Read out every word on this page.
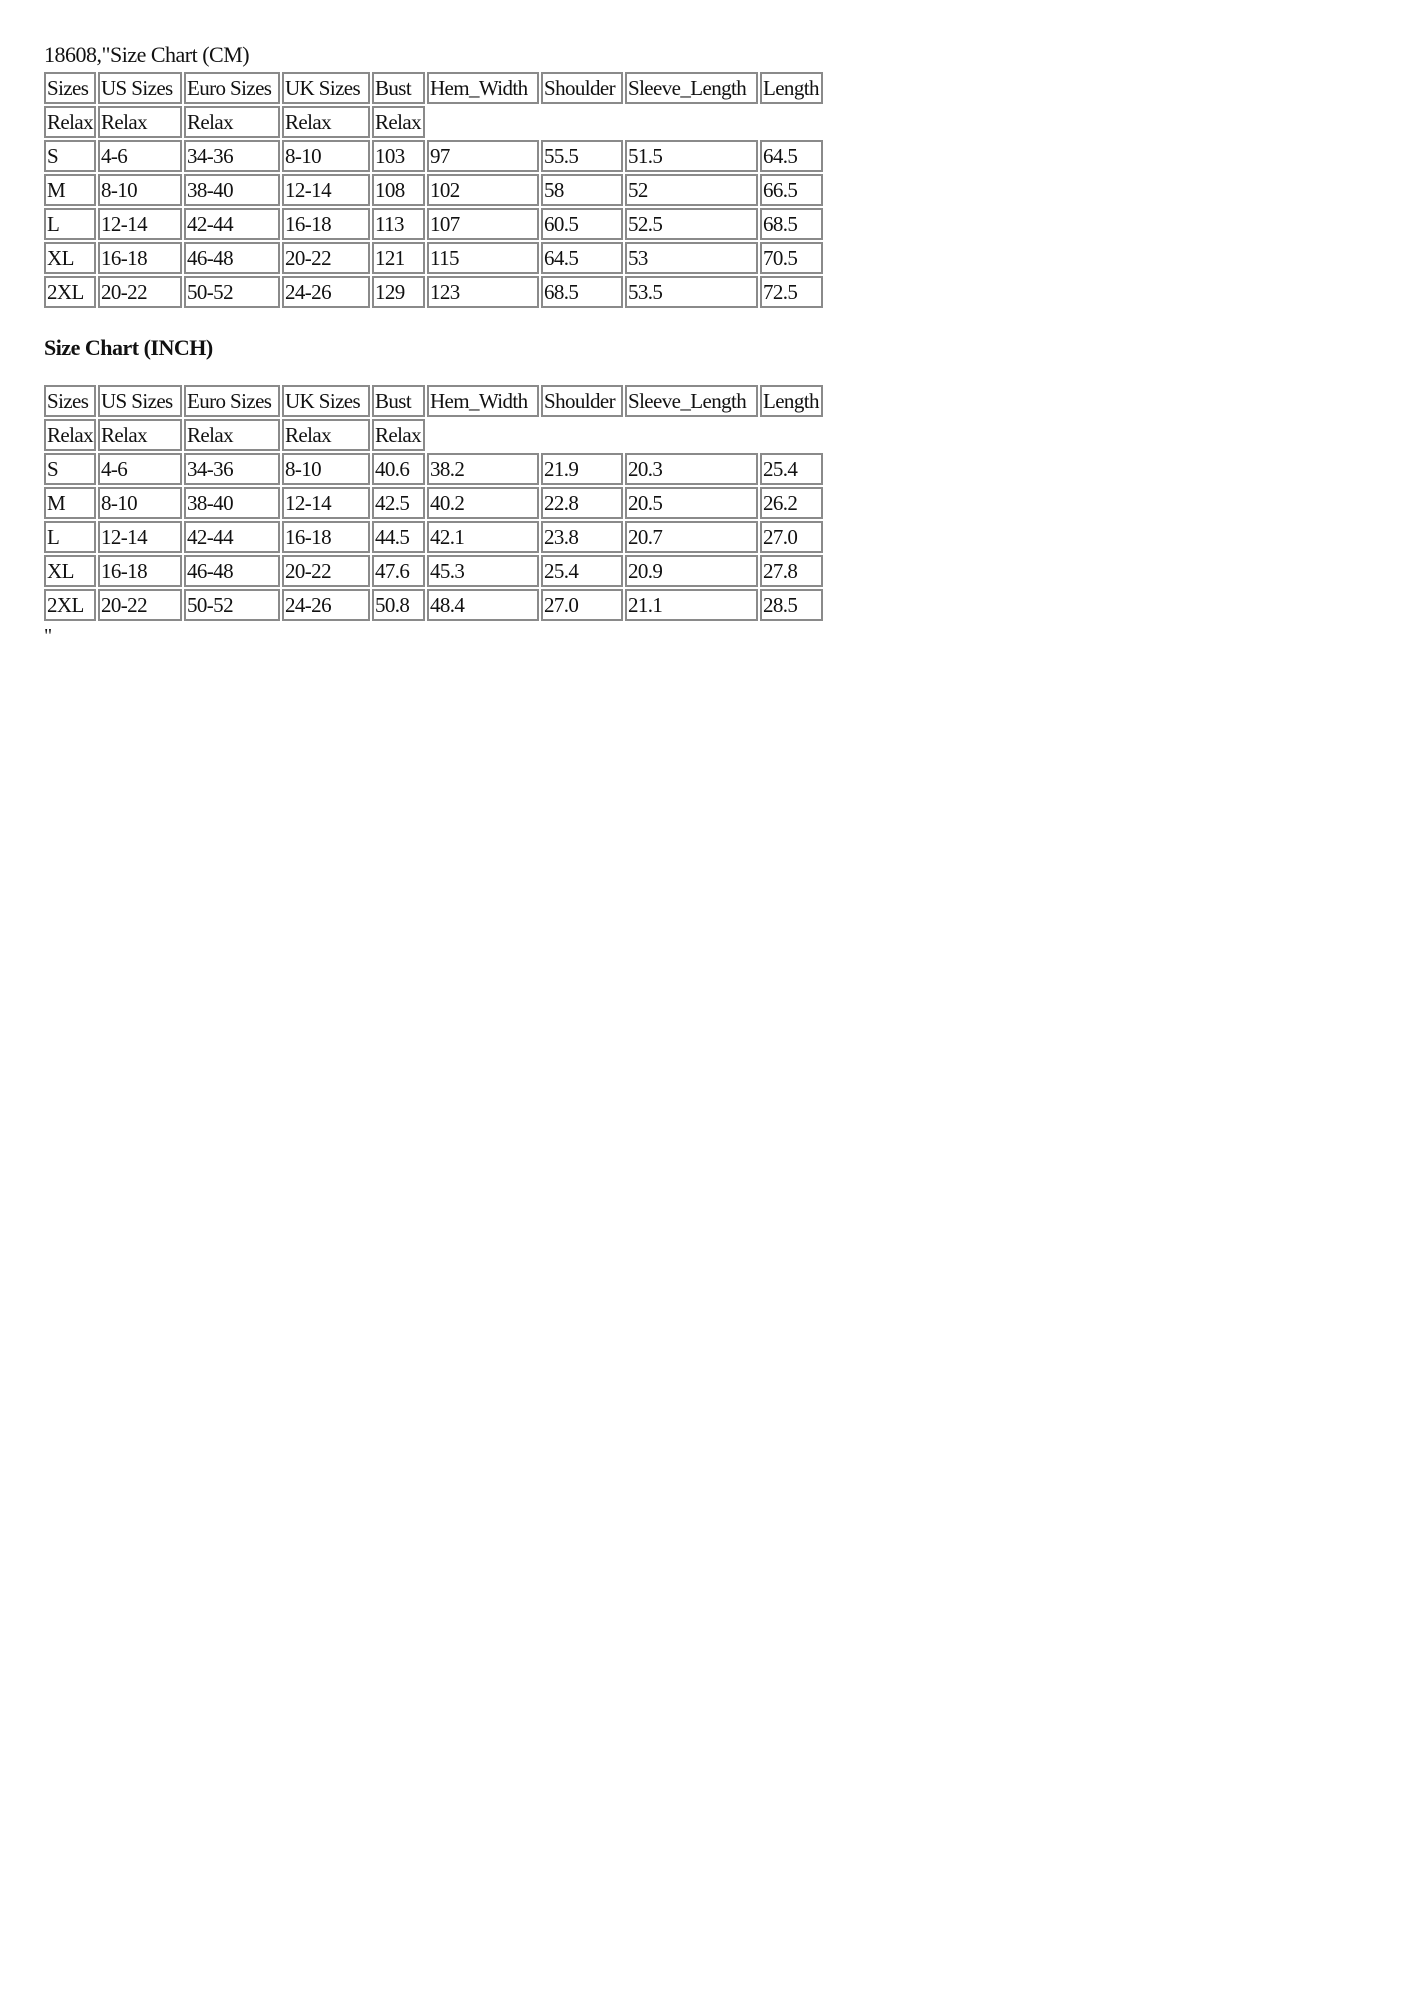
18608,"Size Chart (CM)
Sizes	US Sizes	Euro Sizes	UK Sizes	Bust	Hem_Width	Shoulder	Sleeve_Length	Length
Relax	Relax	Relax	Relax	Relax				
S	4-6	34-36	8-10	103	97	55.5	51.5	64.5
M	8-10	38-40	12-14	108	102	58	52	66.5
L	12-14	42-44	16-18	113	107	60.5	52.5	68.5
XL	16-18	46-48	20-22	121	115	64.5	53	70.5
2XL	20-22	50-52	24-26	129	123	68.5	53.5	72.5
Size Chart (INCH)
Sizes	US Sizes	Euro Sizes	UK Sizes	Bust	Hem_Width	Shoulder	Sleeve_Length	Length
Relax	Relax	Relax	Relax	Relax				
S	4-6	34-36	8-10	40.6	38.2	21.9	20.3	25.4
M	8-10	38-40	12-14	42.5	40.2	22.8	20.5	26.2
L	12-14	42-44	16-18	44.5	42.1	23.8	20.7	27.0
XL	16-18	46-48	20-22	47.6	45.3	25.4	20.9	27.8
2XL	20-22	50-52	24-26	50.8	48.4	27.0	21.1	28.5
"
